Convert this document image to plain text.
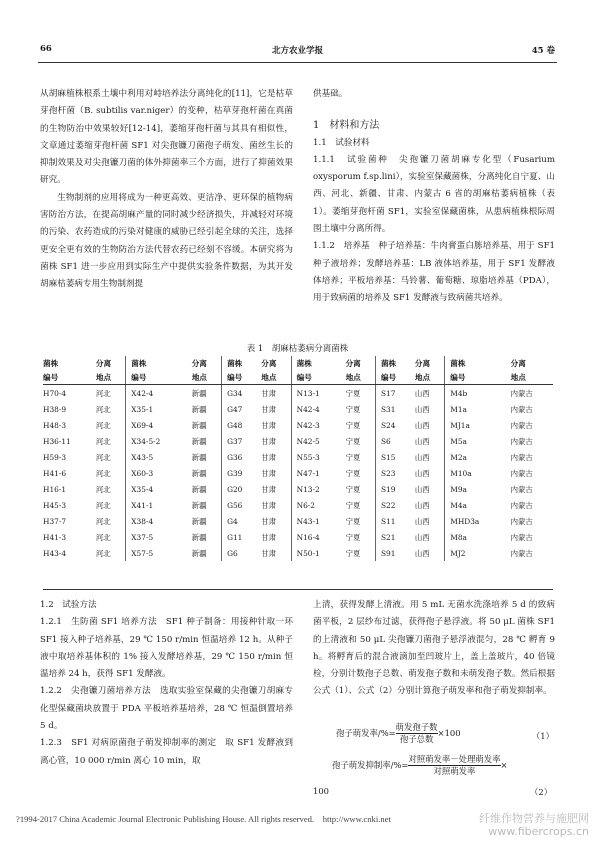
66	北方农业学报	45 卷

从胡麻植株根系土壤中利用对峙培养法分离纯化的[11]，它是枯草芽孢杆菌（B. subtilis var.niger）的变种，枯草芽孢杆菌在真菌的生物防治中效果较好[12-14]，萎缩芽孢杆菌与其具有相似性，文章通过萎缩芽孢杆菌 SF1 对尖孢镰刀菌孢子萌发、菌丝生长的抑制效果及对尖孢镰刀菌的体外抑菌率三个方面，进行了抑菌效果研究。

生物制剂的应用将成为一种更高效、更洁净、更环保的植物病害防治方法，在提高胡麻产量的同时减少经济损失，并减轻对环境的污染、农药造成的污染对健康的威胁已经引起全球的关注，选择更安全更有效的生物防治方法代替农药已经刻不容缓。本研究将为菌株 SF1 进一步应用到实际生产中提供实验条件数据，为其开发胡麻枯萎病专用生物制剂提

供基础。

1　材料和方法

1.1　试验材料

1.1.1　试验菌种　尖孢镰刀菌胡麻专化型（Fusarium oxysporum f.sp.lini），实验室保藏菌株，分离纯化自宁夏、山西、河北、新疆、甘肃、内蒙古 6 省的胡麻枯萎病植株（表 1）。萎缩芽孢杆菌 SF1，实验室保藏菌株，从患病植株根际周围土壤中分离所得。

1.1.2　培养基　种子培养基：牛肉膏蛋白胨培养基，用于 SF1 种子液培养；发酵培养基：LB 液体培养基，用于 SF1 发酵液体培养；平板培养基：马铃薯、葡萄糖、琼脂培养基（PDA），用于致病菌的培养及 SF1 发酵液与致病菌共培养。

表 1　胡麻枯萎病分离菌株
菌株	分离	菌株	分离	菌株	分离	菌株	分离	菌株	分离	菌株	分离
编号	地点	编号	地点	编号	地点	编号	地点	编号	地点	编号	地点
H70-4	河北	X42-4	新疆	G34	甘肃	N13-1	宁夏	S17	山西	M4b	内蒙古
H38-9	河北	X35-1	新疆	G47	甘肃	N42-4	宁夏	S31	山西	M1a	内蒙古
H48-3	河北	X69-4	新疆	G48	甘肃	N42-3	宁夏	S24	山西	MJ1a	内蒙古
H36-11	河北	X34-5-2	新疆	G37	甘肃	N42-5	宁夏	S6	山西	M5a	内蒙古
H59-3	河北	X43-5	新疆	G36	甘肃	N55-3	宁夏	S15	山西	M2a	内蒙古
H41-6	河北	X60-3	新疆	G39	甘肃	N47-1	宁夏	S23	山西	M10a	内蒙古
H16-1	河北	X35-4	新疆	G20	甘肃	N13-2	宁夏	S19	山西	M9a	内蒙古
H45-3	河北	X41-1	新疆	G56	甘肃	N6-2	宁夏	S22	山西	M4a	内蒙古
H37-7	河北	X38-4	新疆	G4	甘肃	N43-1	宁夏	S11	山西	MHD3a	内蒙古
H41-3	河北	X37-5	新疆	G11	甘肃	N16-4	宁夏	S21	山西	M8a	内蒙古
H43-4	河北	X57-5	新疆	G6	甘肃	N50-1	宁夏	S91	山西	MJ2	内蒙古

1.2　试验方法

1.2.1　生防菌 SF1 培养方法　SF1 种子制备：用接种针取一环 SF1 接入种子培养基，29 ℃ 150 r/min 恒温培养 12 h。从种子液中取培养基体积的 1% 接入发酵培养基，29 ℃ 150 r/min 恒温培养 24 h，获得 SF1 发酵液。

1.2.2　尖孢镰刀菌培养方法　选取实验室保藏的尖孢镰刀胡麻专化型保藏菌块放置于 PDA 平板培养基培养，28 ℃ 恒温倒置培养 5 d。

1.2.3　SF1 对病原菌孢子萌发抑制率的测定　取 SF1 发酵液到离心管，10 000 r/min 离心 10 min，取

上清，获得发酵上清液。用 5 mL 无菌水洗涤培养 5 d 的致病菌平板，2 层纱布过滤，获得孢子悬浮液。将 50 μL 菌株 SF1 的上清液和 50 μL 尖孢镰刀菌孢子悬浮液混匀，28 ℃ 孵育 9 h。将孵育后的混合液滴加至凹玻片上，盖上盖玻片，40 倍镜检，分别计数孢子总数、萌发孢子数和未萌发孢子数。然后根据公式（1）、公式（2）分别计算孢子萌发率和孢子萌发抑制率。

孢子萌发率/%= $\frac{\text{萌发孢子数}}{\text{孢子总数}} \times 100$	（1）
孢子萌发抑制率/%= $\frac{\text{对照萌发率－处理萌发率}}{\text{对照萌发率}}$ ×
100	（2）
?1994-2017 China Academic Journal Electronic Publishing House. All rights reserved.　http://www.cnki.net	纤维作物营养与施肥网
www.fibercrops.cn
